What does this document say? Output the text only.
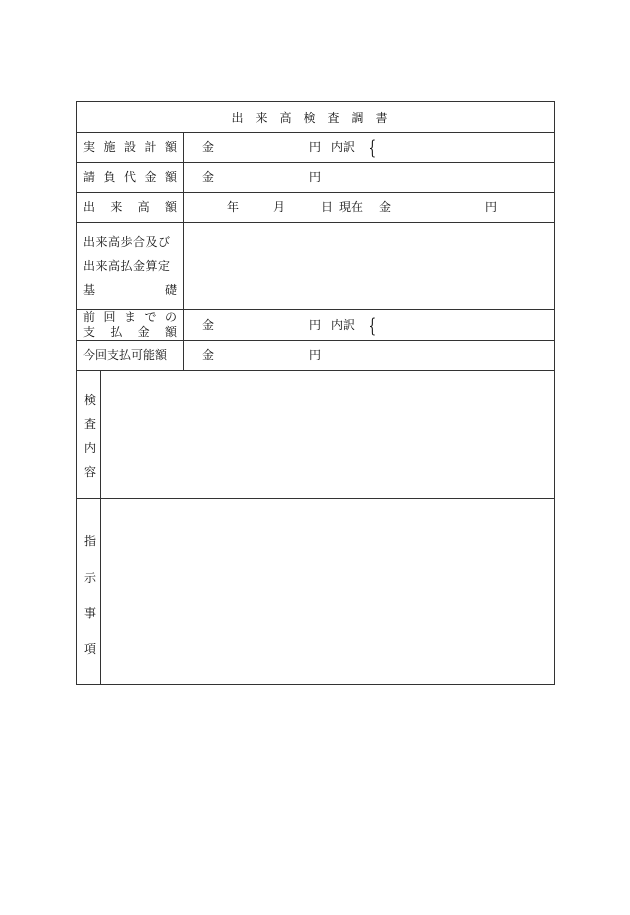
出来高検査調書
実 施 設 計 額 金	円 内訳 {
請 負 代 金 額 金	円
出 来 高 額	年	月	日 現在 金	円
出来高歩合及び
出来高払金算定
基	礎
前 回 ま で の
支 払 金 額 金	円 内訳 {
今回支払可能額	金	円
検
査
内
容
指
示
事
項
